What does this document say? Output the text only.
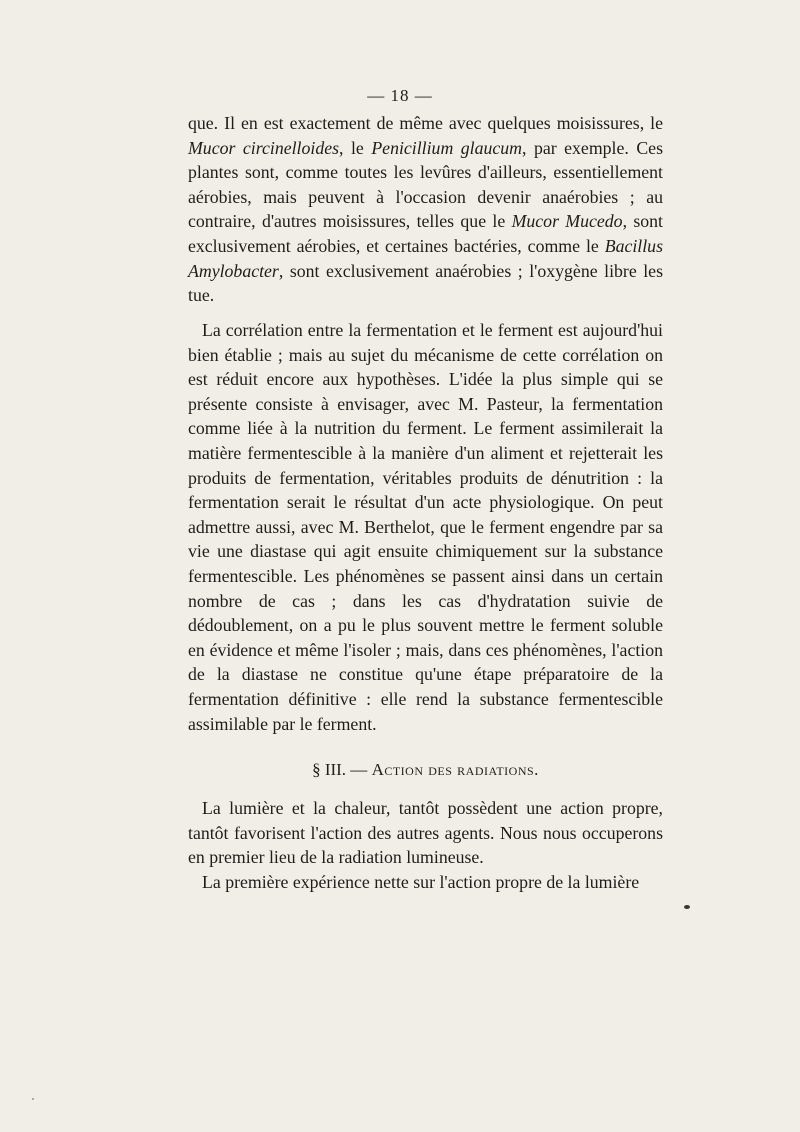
— 18 —

que. Il en est exactement de même avec quelques moisissures, le Mucor circinelloides, le Penicillium glaucum, par exemple. Ces plantes sont, comme toutes les levûres d'ailleurs, essentiellement aérobies, mais peuvent à l'occasion devenir anaérobies ; au contraire, d'autres moisissures, telles que le Mucor Mucedo, sont exclusivement aérobies, et certaines bactéries, comme le Bacillus Amylobacter, sont exclusivement anaérobies ; l'oxygène libre les tue.

La corrélation entre la fermentation et le ferment est aujourd'hui bien établie ; mais au sujet du mécanisme de cette corrélation on est réduit encore aux hypothèses. L'idée la plus simple qui se présente consiste à envisager, avec M. Pasteur, la fermentation comme liée à la nutrition du ferment. Le ferment assimilerait la matière fermentescible à la manière d'un aliment et rejetterait les produits de fermentation, véritables produits de dénutrition : la fermentation serait le résultat d'un acte physiologique. On peut admettre aussi, avec M. Berthelot, que le ferment engendre par sa vie une diastase qui agit ensuite chimiquement sur la substance fermentescible. Les phénomènes se passent ainsi dans un certain nombre de cas ; dans les cas d'hydratation suivie de dédoublement, on a pu le plus souvent mettre le ferment soluble en évidence et même l'isoler ; mais, dans ces phénomènes, l'action de la diastase ne constitue qu'une étape préparatoire de la fermentation définitive : elle rend la substance fermentescible assimilable par le ferment.

§ III. — Action des radiations.

La lumière et la chaleur, tantôt possèdent une action propre, tantôt favorisent l'action des autres agents. Nous nous occuperons en premier lieu de la radiation lumineuse.

La première expérience nette sur l'action propre de la lumière
